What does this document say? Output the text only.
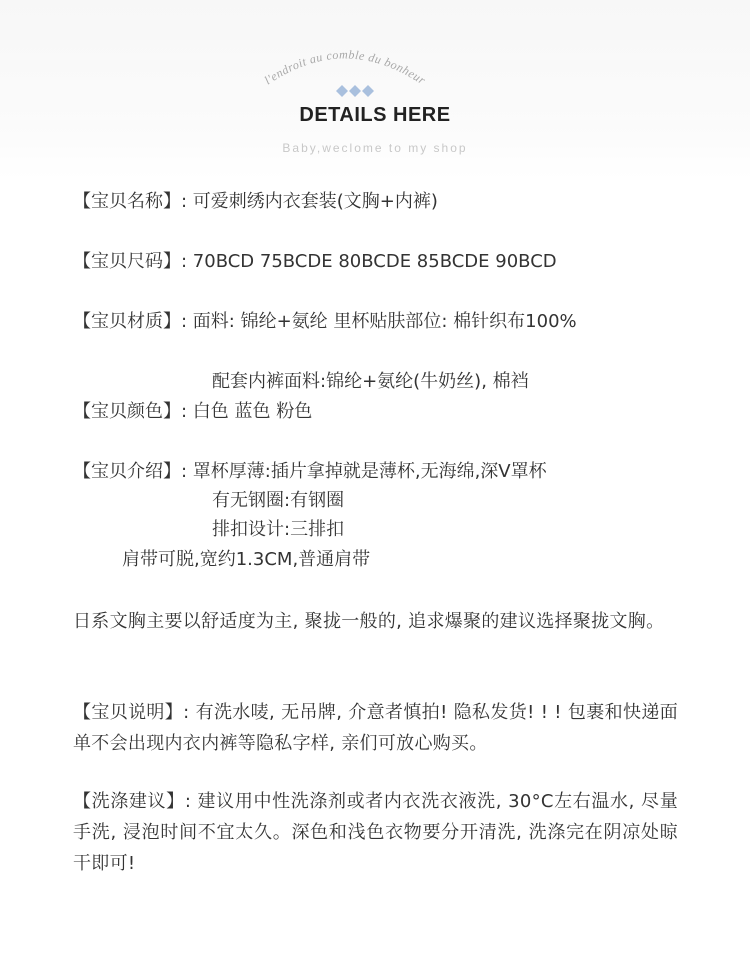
l'endroit au comble du bonheur
DETAILS HERE
Baby,weclome to my shop
【宝贝名称】: 可爱刺绣内衣套装(文胸+内裤)
【宝贝尺码】: 70BCD 75BCDE 80BCDE 85BCDE 90BCD
【宝贝材质】: 面料: 锦纶+氨纶 里杯贴肤部位: 棉针织布100%
配套内裤面料:锦纶+氨纶(牛奶丝), 棉裆
【宝贝颜色】: 白色 蓝色 粉色
【宝贝介绍】: 罩杯厚薄:插片拿掉就是薄杯,无海绵,深V罩杯
有无钢圈:有钢圈
排扣设计:三排扣
肩带可脱,宽约1.3CM,普通肩带
日系文胸主要以舒适度为主, 聚拢一般的, 追求爆聚的建议选择聚拢文胸。
【宝贝说明】: 有洗水唛, 无吊牌, 介意者慎拍! 隐私发货! ! ! 包裹和快递面单不会出现内衣内裤等隐私字样, 亲们可放心购买。
【洗涤建议】: 建议用中性洗涤剂或者内衣洗衣液洗, 30°C左右温水, 尽量手洗, 浸泡时间不宜太久。深色和浅色衣物要分开清洗, 洗涤完在阴凉处晾干即可!
